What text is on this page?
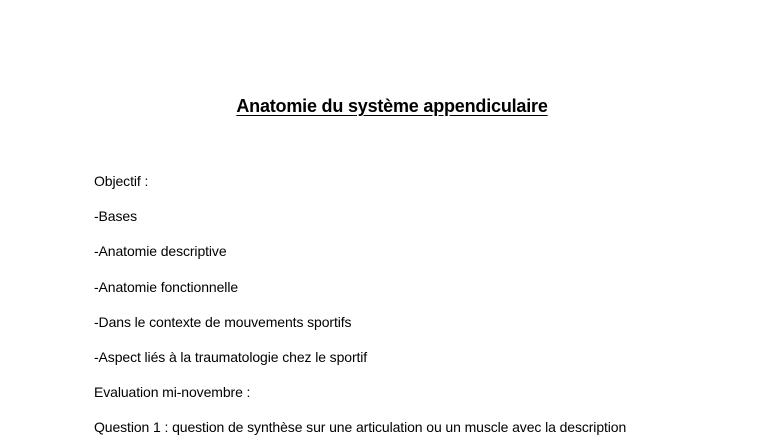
Anatomie du système appendiculaire
Objectif :
-Bases
-Anatomie descriptive
-Anatomie fonctionnelle
-Dans le contexte de mouvements sportifs
-Aspect liés à la traumatologie chez le sportif
Evaluation mi-novembre :
Question 1 : question de synthèse sur une articulation ou un muscle avec la description
